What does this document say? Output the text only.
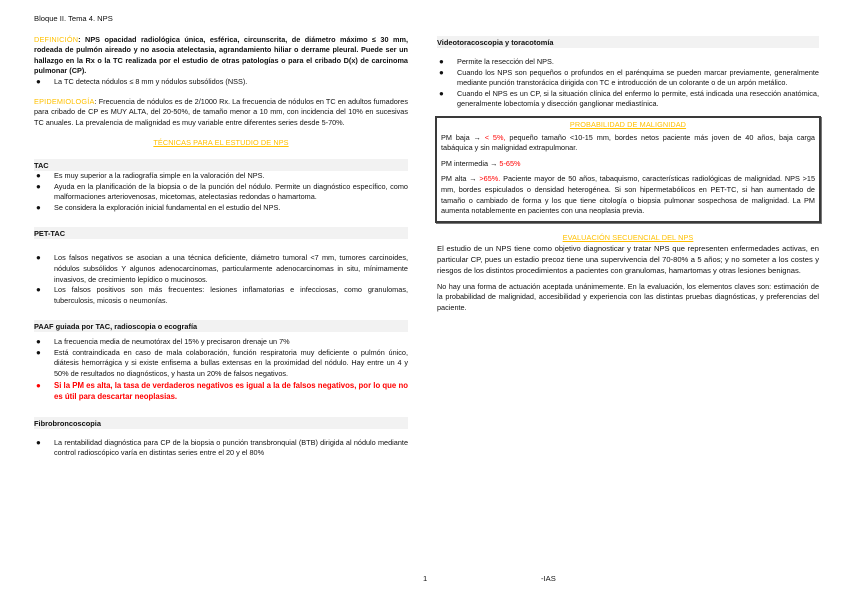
Bloque II. Tema 4. NPS

DEFINICIÓN: NPS opacidad radiológica única, esférica, circunscrita, de diámetro máximo ≤ 30 mm, rodeada de pulmón aireado y no asocia atelectasia, agrandamiento hiliar o derrame pleural. Puede ser un hallazgo en la Rx o la TC realizada por el estudio de otras patologías o para el cribado D(x) de carcinoma pulmonar (CP).

● La TC detecta nódulos ≤ 8 mm y nódulos subsólidos (NSS).

EPIDEMIOLOGÍA: Frecuencia de nódulos es de 2/1000 Rx. La frecuencia de nódulos en TC en adultos fumadores para cribado de CP es MUY ALTA, del 20-50%, de tamaño menor a 10 mm, con incidencia del 10% en sucesivas TC anuales. La prevalencia de malignidad es muy variable entre diferentes series desde 5-70%.

TÉCNICAS PARA EL ESTUDIO DE NPS
TAC
● Es muy superior a la radiografía simple en la valoración del NPS.
● Ayuda en la planificación de la biopsia o de la punción del nódulo. Permite un diagnóstico específico, como malformaciones arteriovenosas, micetomas, atelectasias redondas o hamartoma.
● Se considera la exploración inicial fundamental en el estudio del NPS.
PET-TAC
● Los falsos negativos se asocian a una técnica deficiente, diámetro tumoral <7 mm, tumores carcinoides, nódulos subsólidos Y algunos adenocarcinomas, particularmente adenocarcinomas in situ, mínimamente invasivos, de crecimiento lepídico o mucinosos.
● Los falsos positivos son más frecuentes: lesiones inflamatorias e infecciosas, como granulomas, tuberculosis, micosis o neumonías.
PAAF guiada por TAC, radioscopia o ecografía
● La frecuencia media de neumotórax del 15% y precisaron drenaje un 7%
● Está contraindicada en caso de mala colaboración, función respiratoria muy deficiente o pulmón único, diátesis hemorrágica y si existe enfisema a bullas extensas en la proximidad del nódulo. Hay entre un 4 y 50% de resultados no diagnósticos, y hasta un 20% de falsos negativos.
● Si la PM es alta, la tasa de verdaderos negativos es igual a la de falsos negativos, por lo que no es útil para descartar neoplasias.
Fibrobroncoscopia
● La rentabilidad diagnóstica para CP de la biopsia o punción transbronquial (BTB) dirigida al nódulo mediante control radioscópico varía en distintas series entre el 20 y el 80%
Videotoracoscopia y toracotomía
● Permite la resección del NPS.
● Cuando los NPS son pequeños o profundos en el parénquima se pueden marcar previamente, generalmente mediante punción transtorácica dirigida con TC e introducción de un colorante o de un arpón metálico.
● Cuando el NPS es un CP, si la situación clínica del enfermo lo permite, está indicada una resección anatómica, generalmente lobectomía y disección ganglionar mediastínica.
PROBABILIDAD DE MALIGNIDAD

PM baja → < 5%, pequeño tamaño <10-15 mm, bordes netos paciente más joven de 40 años, baja carga tabáquica y sin malignidad extrapulmonar.

PM intermedia → 5-65%

PM alta → >65%. Paciente mayor de 50 años, tabaquismo, características radiológicas de malignidad. NPS >15 mm, bordes espiculados o densidad heterogénea. Si son hipermetabólicos en PET-TC, si han aumentado de tamaño o cambiado de forma y los que tiene citología o biopsia pulmonar sospechosa de malignidad. La PM aumenta notablemente en pacientes con una neoplasia previa.

EVALUACIÓN SECUENCIAL DEL NPS

El estudio de un NPS tiene como objetivo diagnosticar y tratar NPS que representen enfermedades activas, en particular CP, pues un estadio precoz tiene una supervivencia del 70-80% a 5 años; y no someter a los costes y riesgos de los distintos procedimientos a pacientes con granulomas, hamartomas y otras lesiones benignas.

No hay una forma de actuación aceptada unánimemente. En la evaluación, los elementos claves son: estimación de la probabilidad de malignidad, accesibilidad y experiencia con las distintas pruebas diagnósticas, y preferencias del paciente.

1	-IAS
